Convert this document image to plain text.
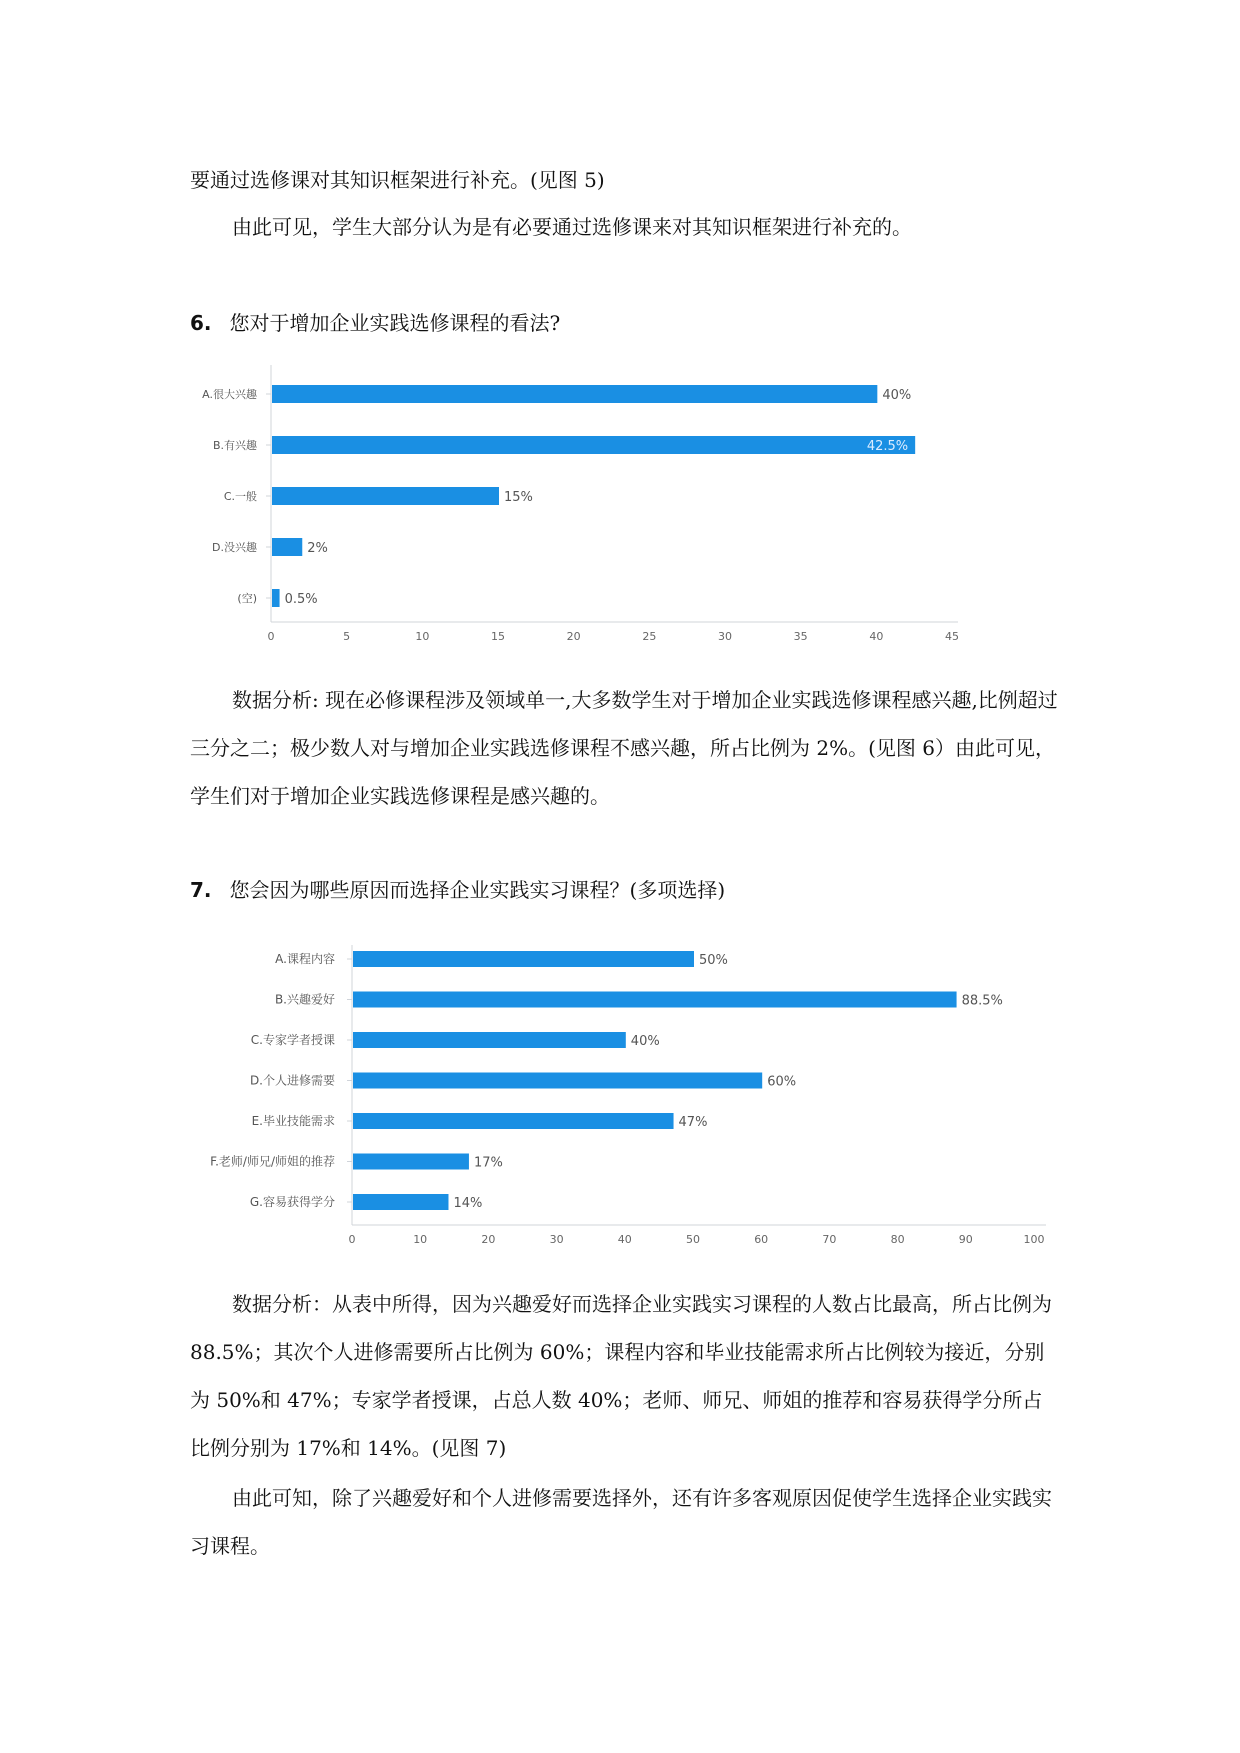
要通过选修课对其知识框架进行补充。(见图 5)

由此可见，学生大部分认为是有必要通过选修课来对其知识框架进行补充的。

6. 您对于增加企业实践选修课程的看法?

A.很大兴趣	40%
B.有兴趣	42.5%
C.一般	15%
D.没兴趣	2%
(空) 0.5%
0	5	10	15	20	25	30	35	40	45

数据分析: 现在必修课程涉及领域单一,大多数学生对于增加企业实践选修课程感兴趣,比例超过三分之二；极少数人对与增加企业实践选修课程不感兴趣，所占比例为 2%。(见图 6）由此可见，学生们对于增加企业实践选修课程是感兴趣的。

7. 您会因为哪些原因而选择企业实践实习课程？(多项选择)

A.课程内容	50%
B.兴趣爱好	88.5%
C.专家学者授课	40%
D.个人进修需要	60%
E.毕业技能需求	47%
F.老师/师兄/师姐的推荐	17%
G.容易获得学分	14%
0	10	20	30	40	50	60	70	80	90	100

数据分析：从表中所得，因为兴趣爱好而选择企业实践实习课程的人数占比最高，所占比例为 88.5%；其次个人进修需要所占比例为 60%；课程内容和毕业技能需求所占比例较为接近，分别为 50%和 47%；专家学者授课，占总人数 40%；老师、师兄、师姐的推荐和容易获得学分所占比例分别为 17%和 14%。(见图 7)

由此可知，除了兴趣爱好和个人进修需要选择外，还有许多客观原因促使学生选择企业实践实习课程。
